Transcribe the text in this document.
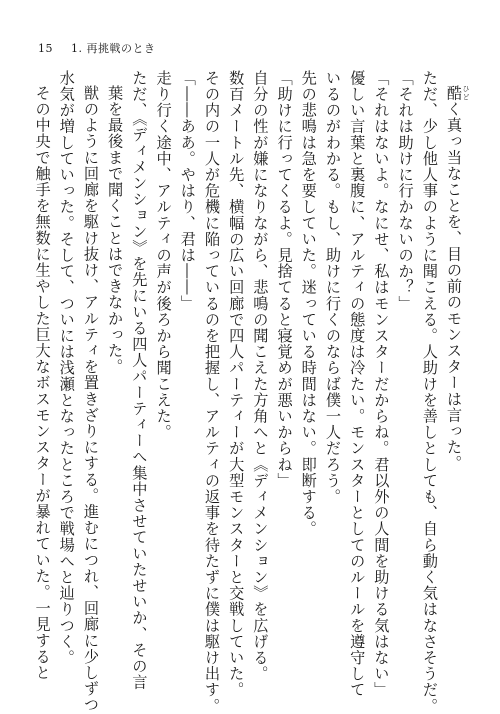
15 1. 再挑戦のとき
酷 ひどく真っ当なことを、目の前のモンスターは言った。
ただ、少し他人事のように聞こえる。人助けを善しとしても、自ら動く気はなさそうだ。
「それは助けに行かないのか？」
「それはないよ。なにせ、私はモンスターだからね。君以外の人間を助ける気はない」
優しい言葉と裏腹に、アルティの態度は冷たい。モンスターとしてのルールを遵守して
いるのがわかる。もし、助けに行くのならば僕一人だろう。
先の悲鳴は急を要していた。迷っている時間はない。即断する。
「助けに行ってくるよ。見捨てると寝覚めが悪いからね」
自分の性が嫌になりながら、悲鳴の聞こえた方角へと《ディメンション》を広げる。
数百メートル先、横幅の広い回廊で四人パーティーが大型モンスターと交戦していた。
その内の一人が危機に陥っているのを把握し、アルティの返事を待たずに僕は駆け出す。
「――ああ。やはり、君は――」
走り行く途中、アルティの声が後ろから聞こえた。
ただ、《ディメンション》を先にいる四人パーティーへ集中させていたせいか、その言
葉を最後まで聞くことはできなかった。
獣のように回廊を駆け抜け、アルティを置きざりにする。進むにつれ、回廊に少しずつ
水気が増していった。そして、ついには浅瀬となったところで戦場へと辿りつく。
その中央で触手を無数に生やした巨大なボスモンスターが暴れていた。一見すると
